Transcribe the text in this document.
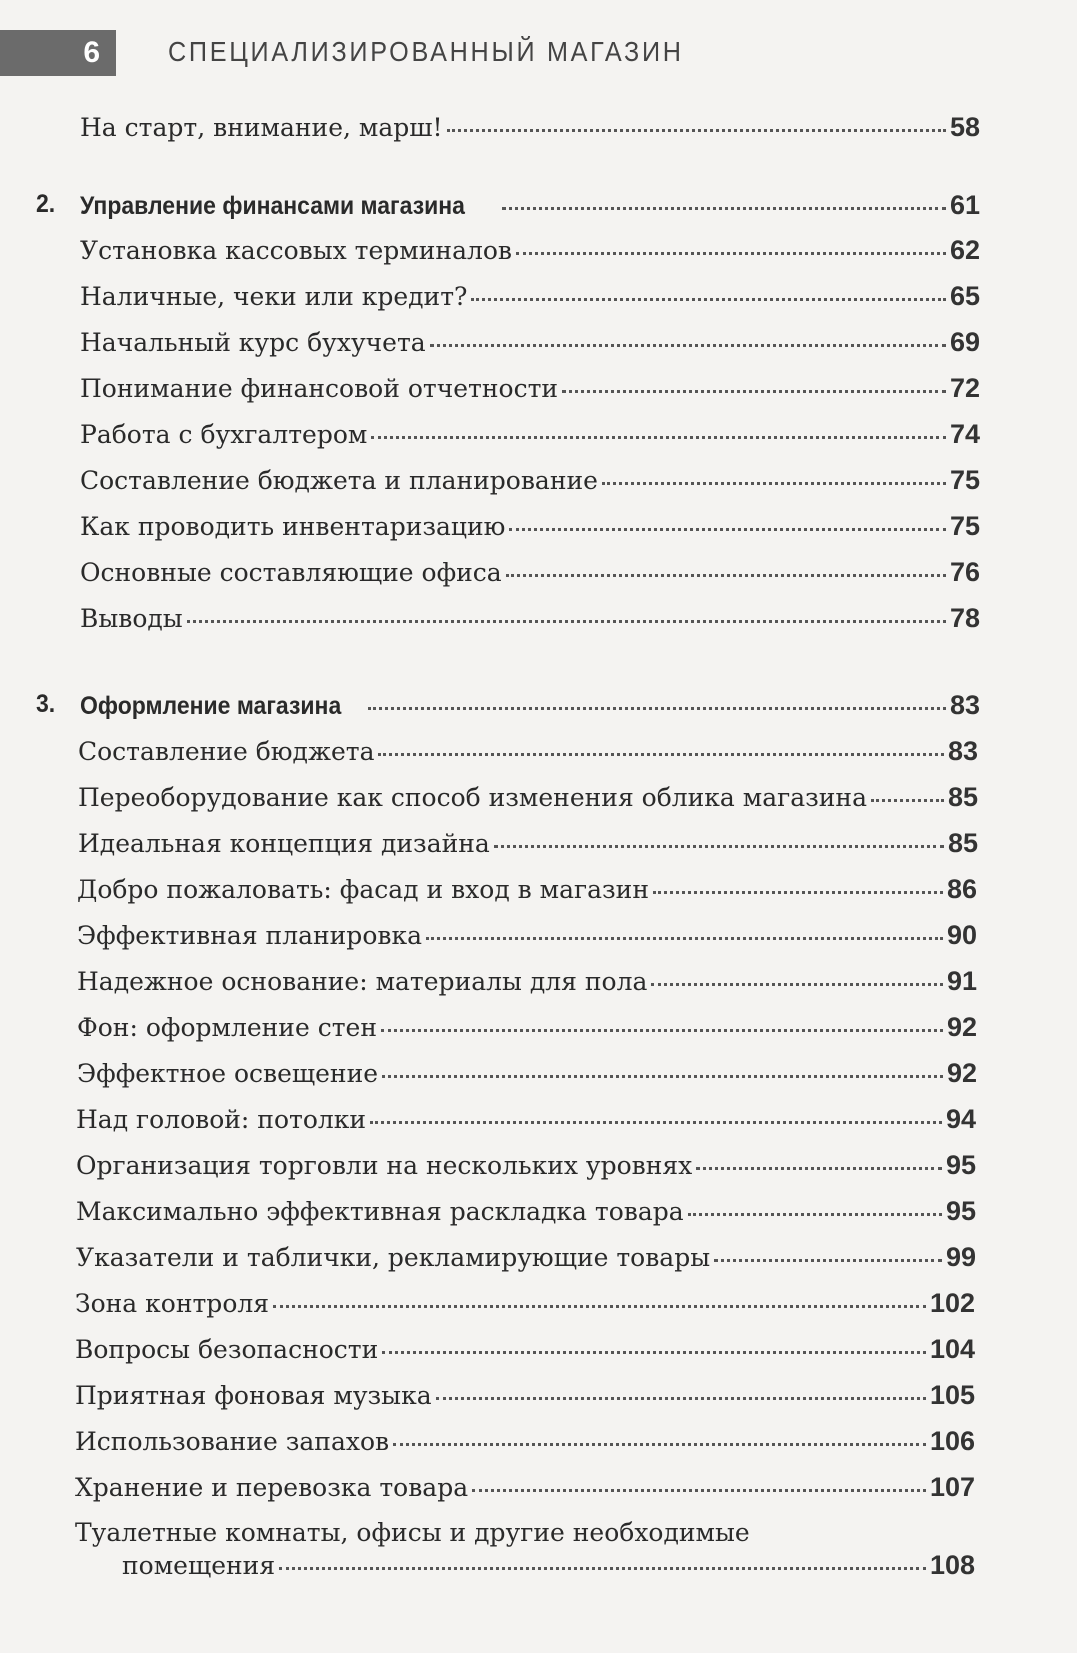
6	СПЕЦИАЛИЗИРОВАННЫЙ МАГАЗИН
На старт, внимание, марш!	58
2. Управление финансами магазина	61
Установка кассовых терминалов	62
Наличные, чеки или кредит?	65
Начальный курс бухучета	69
Понимание финансовой отчетности	72
Работа с бухгалтером	74
Составление бюджета и планирование	75
Как проводить инвентаризацию	75
Основные составляющие офиса	76
Выводы	78
3. Оформление магазина	83
Составление бюджета	83
Переоборудование как способ изменения облика магазина	85
Идеальная концепция дизайна	85
Добро пожаловать: фасад и вход в магазин	86
Эффективная планировка	90
Надежное основание: материалы для пола	91
Фон: оформление стен	92
Эффектное освещение	92
Над головой: потолки	94
Организация торговли на нескольких уровнях	95
Максимально эффективная раскладка товара	95
Указатели и таблички, рекламирующие товары	99
Зона контроля	102
Вопросы безопасности	104
Приятная фоновая музыка	105
Использование запахов	106
Хранение и перевозка товара	107
Туалетные комнаты, офисы и другие необходимые
помещения	108
